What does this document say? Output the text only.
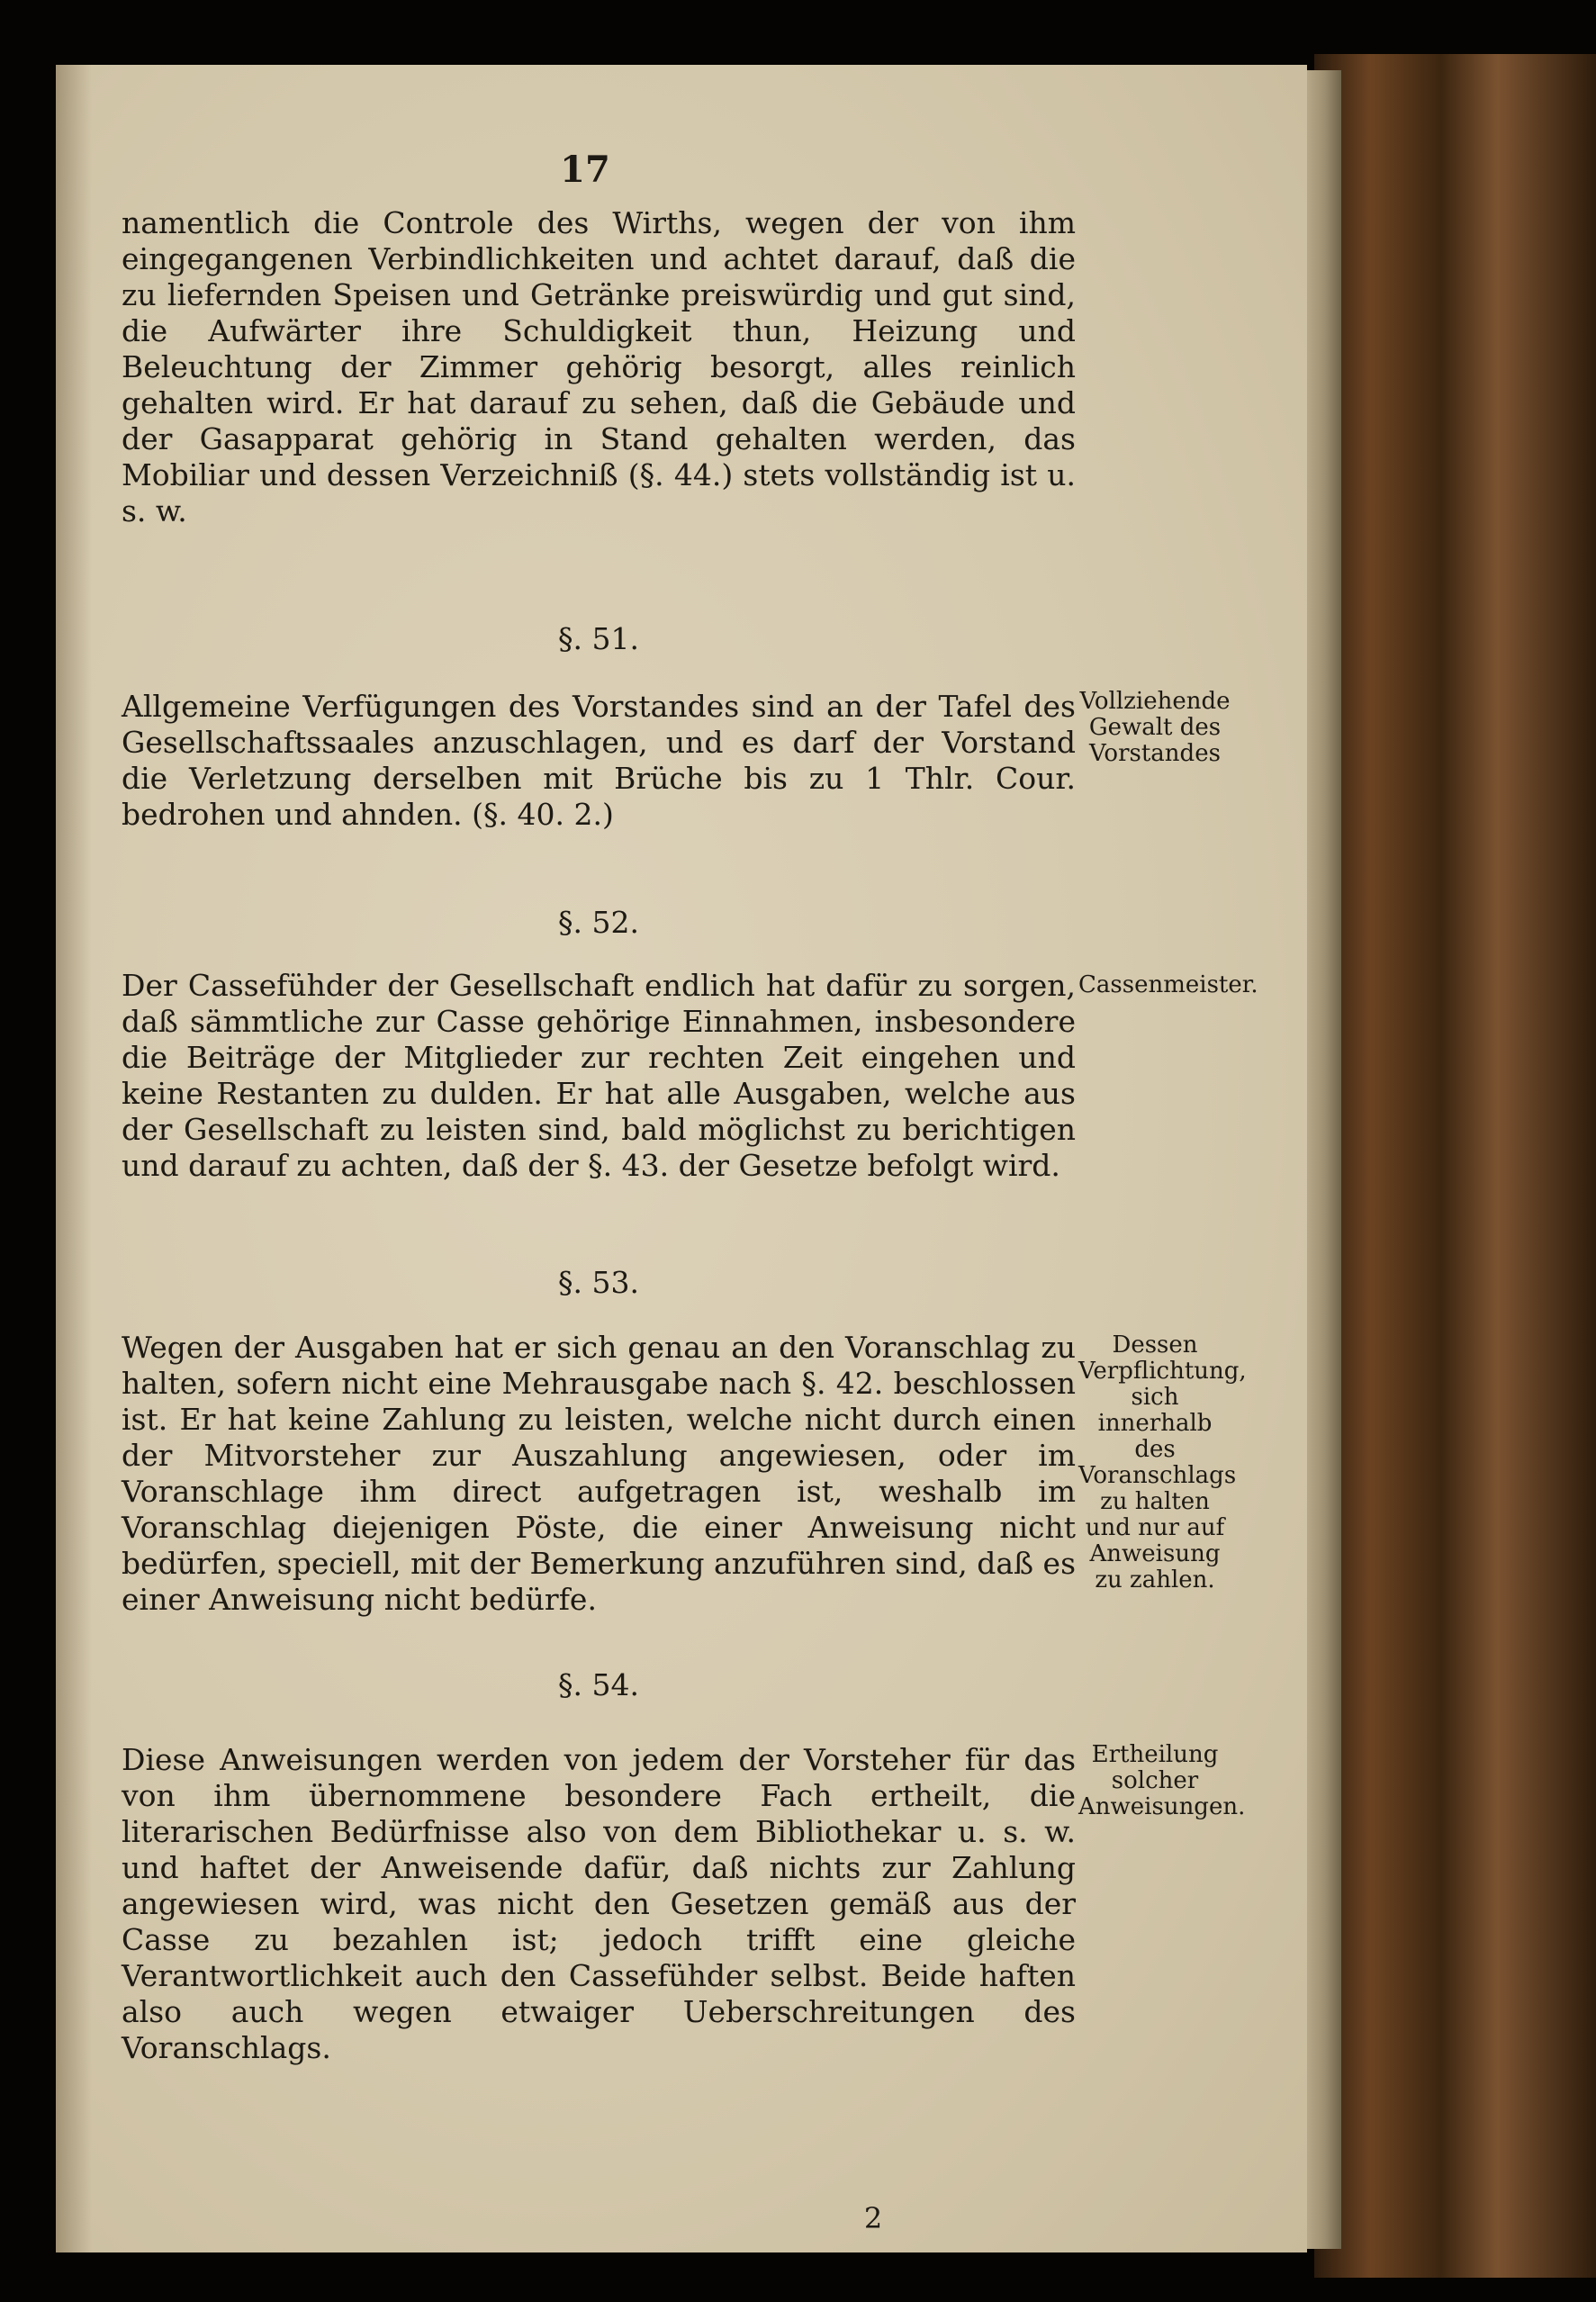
17
namentlich die Controle des Wirths, wegen der von ihm eingegangenen Verbindlichkeiten und achtet darauf, daß die zu liefernden Speisen und Getränke preiswürdig und gut sind, die Aufwärter ihre Schuldigkeit thun, Heizung und Beleuchtung der Zimmer gehörig besorgt, alles reinlich gehalten wird. Er hat darauf zu sehen, daß die Gebäude und der Gasapparat gehörig in Stand gehalten werden, das Mobiliar und dessen Verzeichniß (§. 44.) stets vollständig ist u. s. w.
§. 51.
Allgemeine Verfügungen des Vorstandes sind an der Tafel des Gesellschaftssaales anzuschlagen, und es darf der Vorstand die Verletzung derselben mit Brüche bis zu 1 Thlr. Cour. bedrohen und ahnden. (§. 40. 2.)
Vollziehende Gewalt des Vorstandes
§. 52.
Der Cassefühder der Gesellschaft endlich hat dafür zu sorgen, daß sämmtliche zur Casse gehörige Einnahmen, insbesondere die Beiträge der Mitglieder zur rechten Zeit eingehen und keine Restanten zu dulden. Er hat alle Ausgaben, welche aus der Gesellschaft zu leisten sind, bald möglichst zu berichtigen und darauf zu achten, daß der §. 43. der Gesetze befolgt wird.
Cassenmeister.
§. 53.
Wegen der Ausgaben hat er sich genau an den Voranschlag zu halten, sofern nicht eine Mehrausgabe nach §. 42. beschlossen ist. Er hat keine Zahlung zu leisten, welche nicht durch einen der Mitvorsteher zur Auszahlung angewiesen, oder im Voranschlage ihm direct aufgetragen ist, weshalb im Voranschlag diejenigen Pöste, die einer Anweisung nicht bedürfen, speciell, mit der Bemerkung anzuführen sind, daß es einer Anweisung nicht bedürfe.
Dessen Verpflichtung, sich innerhalb des Voranschlags zu halten und nur auf Anweisung zu zahlen.
§. 54.
Diese Anweisungen werden von jedem der Vorsteher für das von ihm übernommene besondere Fach ertheilt, die literarischen Bedürfnisse also von dem Bibliothekar u. s. w. und haftet der Anweisende dafür, daß nichts zur Zahlung angewiesen wird, was nicht den Gesetzen gemäß aus der Casse zu bezahlen ist; jedoch trifft eine gleiche Verantwortlichkeit auch den Cassefühder selbst. Beide haften also auch wegen etwaiger Ueberschreitungen des Voranschlags.
Ertheilung solcher Anweisungen.
2
